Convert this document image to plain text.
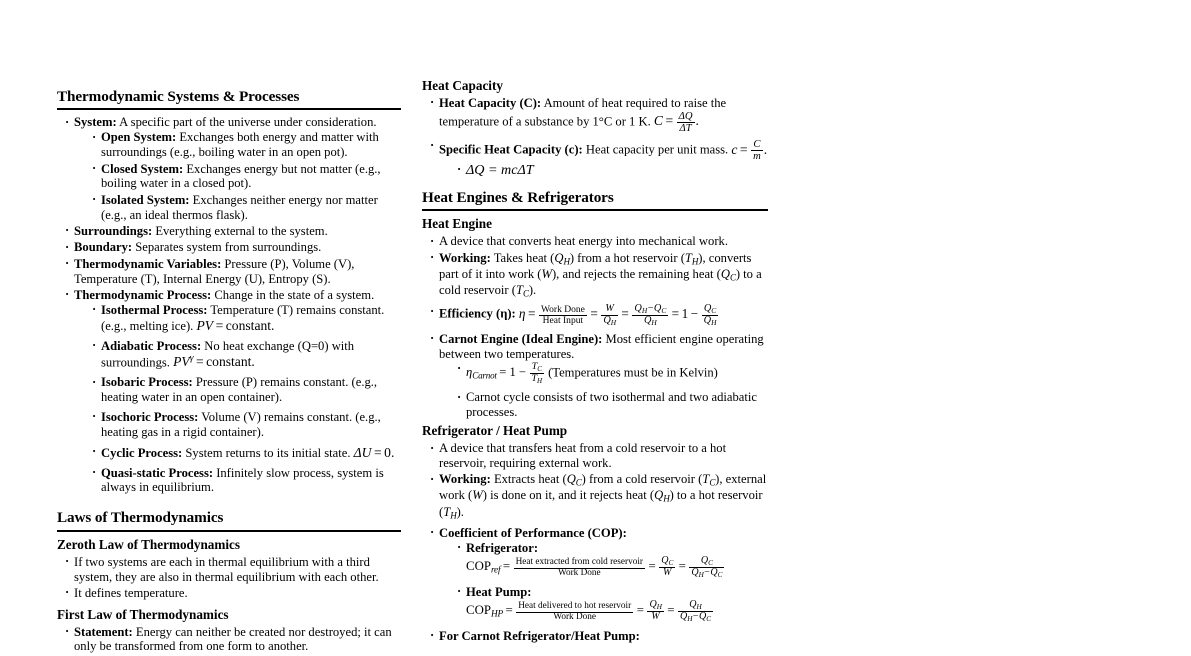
Thermodynamic Systems & Processes
· System: A specific part of the universe under consideration.
· Open System: Exchanges both energy and matter with surroundings (e.g., boiling water in an open pot).
· Closed System: Exchanges energy but not matter (e.g., boiling water in a closed pot).
· Isolated System: Exchanges neither energy nor matter (e.g., an ideal thermos flask).
· Surroundings: Everything external to the system.
· Boundary: Separates system from surroundings.
· Thermodynamic Variables: Pressure (P), Volume (V), Temperature (T), Internal Energy (U), Entropy (S).
· Thermodynamic Process: Change in the state of a system.
· Isothermal Process: Temperature (T) remains constant. (e.g., melting ice). PV = constant.
· Adiabatic Process: No heat exchange (Q=0) with surroundings. $PV^\gamma$ = constant.
· Isobaric Process: Pressure (P) remains constant. (e.g., heating water in an open container).
· Isochoric Process: Volume (V) remains constant. (e.g., heating gas in a rigid container).
· Cyclic Process: System returns to its initial state. ΔU = 0.
· Quasi-static Process: Infinitely slow process, system is always in equilibrium.
Laws of Thermodynamics
Zeroth Law of Thermodynamics
· If two systems are each in thermal equilibrium with a third system, they are also in thermal equilibrium with each other.
· It defines temperature.
First Law of Thermodynamics
· Statement: Energy can neither be created nor destroyed; it can only be transformed from one form to another.
Heat Capacity
· Heat Capacity (C): Amount of heat required to raise the temperature of a substance by 1°C or 1 K. $C = \frac{\Delta Q}{\Delta T}$ .
· Specific Heat Capacity (c): Heat capacity per unit mass. $c = \frac{C}{m}$ .
· ΔQ = mcΔT
Heat Engines & Refrigerators
Heat Engine
· A device that converts heat energy into mechanical work.
· Working: Takes heat $(Q_H)$ from a hot reservoir $(T_H)$, converts part of it into work (W), and rejects the remaining heat $(Q_C)$ to a cold reservoir $(T_C)$.
· Efficiency (η): $\eta = \frac{\text{Work Done}}{\text{Heat Input}} = \frac{W}{Q_H} = \frac{Q_H-Q_C}{Q_H} = 1 - \frac{Q_C}{Q_H}$
· Carnot Engine (Ideal Engine): Most efficient engine operating between two temperatures.
· $\eta_{Carnot} = 1 - \frac{T_C}{T_H}$ (Temperatures must be in Kelvin)
· Carnot cycle consists of two isothermal and two adiabatic processes.
Refrigerator / Heat Pump
· A device that transfers heat from a cold reservoir to a hot reservoir, requiring external work.
· Working: Extracts heat $(Q_C)$ from a cold reservoir $(T_C)$, external work (W) is done on it, and it rejects heat $(Q_H)$ to a hot reservoir $(T_H)$.
· Coefficient of Performance (COP):
· Refrigerator: $COP_{ref} = \frac{\text{Heat extracted from cold reservoir}}{\text{Work Done}} = \frac{Q_C}{W} = \frac{Q_C}{Q_H-Q_C}$
· Heat Pump: $COP_{HP} = \frac{\text{Heat delivered to hot reservoir}}{\text{Work Done}} = \frac{Q_H}{W} = \frac{Q_H}{Q_H-Q_C}$
· For Carnot Refrigerator/Heat Pump:
